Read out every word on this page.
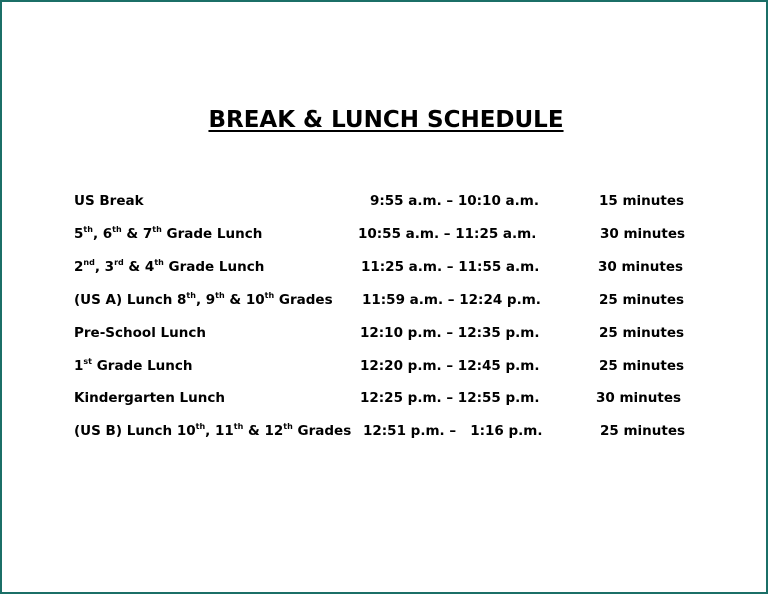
BREAK & LUNCH SCHEDULE
US Break	9:55 a.m. – 10:10 a.m.	15 minutes
5th, 6th & 7th Grade Lunch	10:55 a.m. – 11:25 a.m.	30 minutes
2nd, 3rd & 4th Grade Lunch	11:25 a.m. – 11:55 a.m.	30 minutes
(US A) Lunch 8th, 9th & 10th Grades 11:59 a.m. – 12:24 p.m.	25 minutes
Pre-School Lunch	12:10 p.m. – 12:35 p.m.	25 minutes
1st Grade Lunch	12:20 p.m. – 12:45 p.m.	25 minutes
Kindergarten Lunch	12:25 p.m. – 12:55 p.m.	30 minutes
(US B) Lunch 10th, 11th & 12th Grades 12:51 p.m. –   1:16 p.m.	25 minutes
